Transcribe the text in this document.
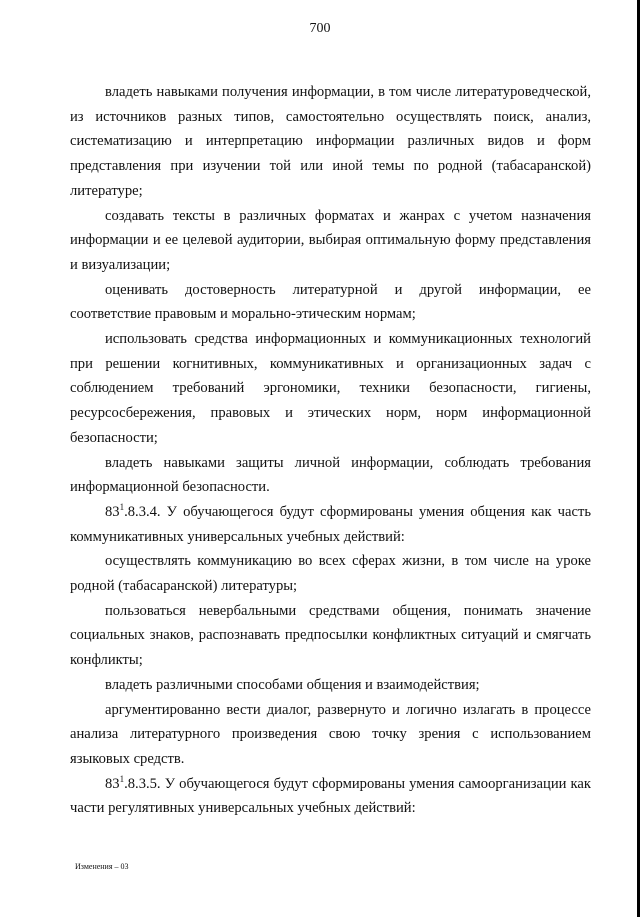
700

владеть навыками получения информации, в том числе литературоведческой, из источников разных типов, самостоятельно осуществлять поиск, анализ, систематизацию и интерпретацию информации различных видов и форм представления при изучении той или иной темы по родной (табасаранской) литературе;

создавать тексты в различных форматах и жанрах с учетом назначения информации и ее целевой аудитории, выбирая оптимальную форму представления и визуализации;

оценивать достоверность литературной и другой информации, ее соответствие правовым и морально-этическим нормам;

использовать средства информационных и коммуникационных технологий при решении когнитивных, коммуникативных и организационных задач с соблюдением требований эргономики, техники безопасности, гигиены, ресурсосбережения, правовых и этических норм, норм информационной безопасности;

владеть навыками защиты личной информации, соблюдать требования информационной безопасности.

$83^1.8.3.4$. У обучающегося будут сформированы умения общения как часть коммуникативных универсальных учебных действий:

осуществлять коммуникацию во всех сферах жизни, в том числе на уроке родной (табасаранской) литературы;

пользоваться невербальными средствами общения, понимать значение социальных знаков, распознавать предпосылки конфликтных ситуаций и смягчать конфликты;

владеть различными способами общения и взаимодействия;

аргументированно вести диалог, развернуто и логично излагать в процессе анализа литературного произведения свою точку зрения с использованием языковых средств.

$83^1.8.3.5$. У обучающегося будут сформированы умения самоорганизации как части регулятивных универсальных учебных действий:

Изменения – 03
